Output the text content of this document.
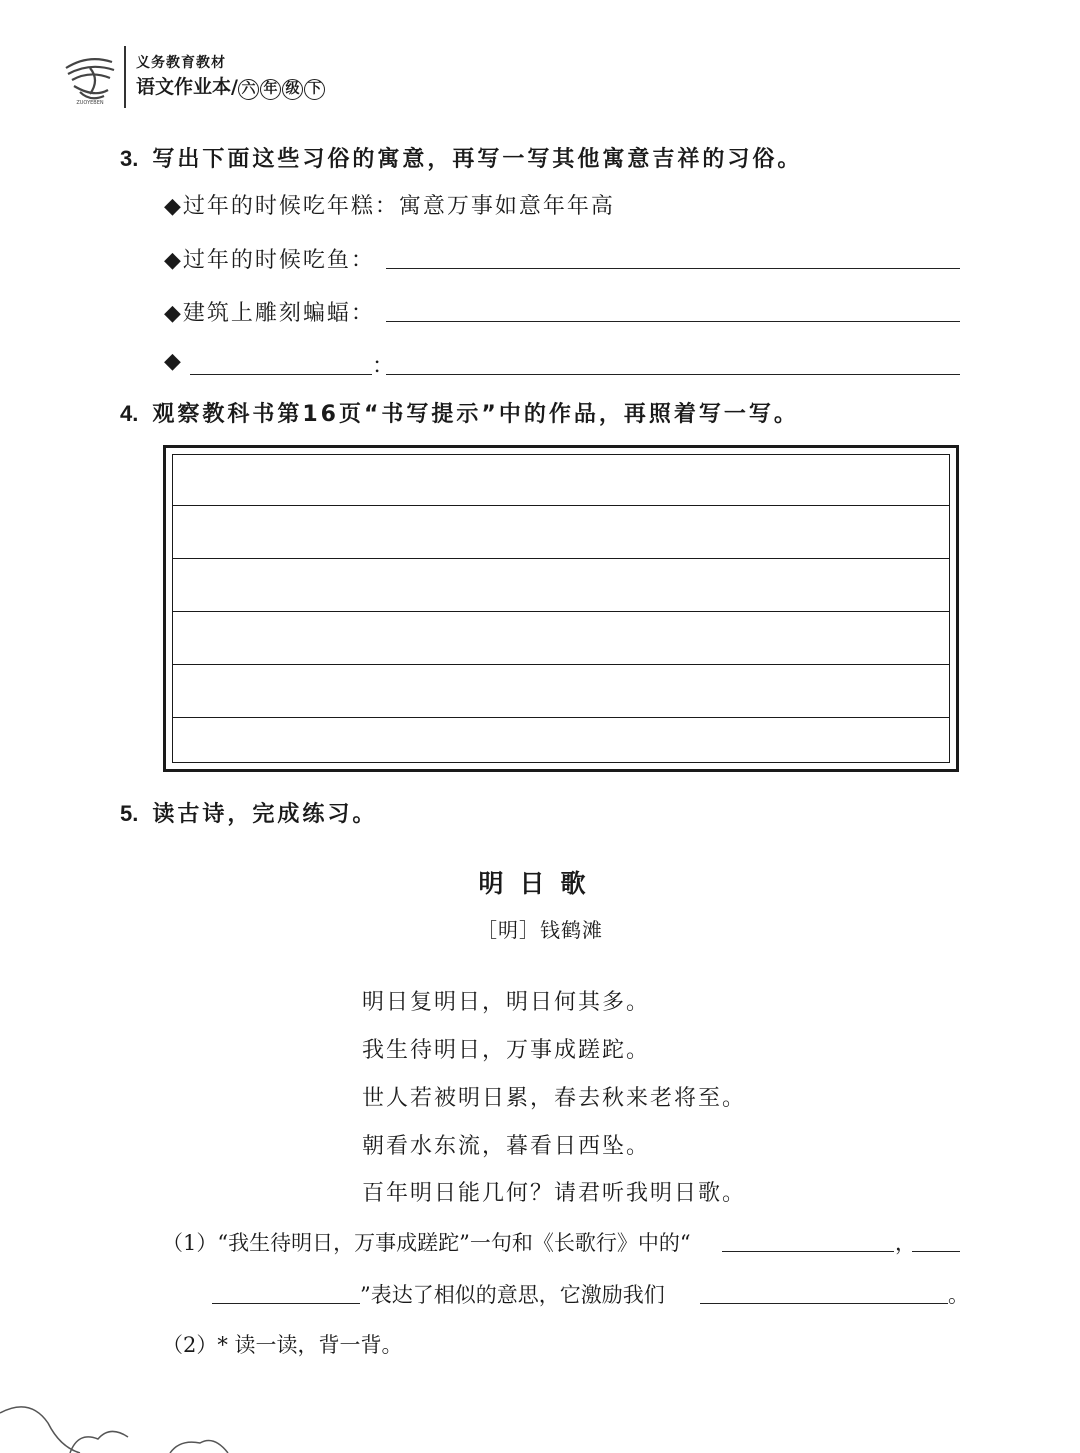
ZUOYEBEN
义务教育教材
语文作业本/ 六 年 级 下
3. 写出下面这些习俗的寓意，再写一写其他寓意吉祥的习俗。
◆过年的时候吃年糕：寓意万事如意年年高
◆过年的时候吃鱼：
◆建筑上雕刻蝙蝠：
◆	：
4. 观察教科书第16页“书写提示”中的作品，再照着写一写。
5. 读古诗，完成练习。
明日歌
［明］钱鹤滩
明日复明日，明日何其多。
我生待明日，万事成蹉跎。
世人若被明日累，春去秋来老将至。
朝看水东流，暮看日西坠。
百年明日能几何？请君听我明日歌。
（1）“我生待明日，万事成蹉跎”一句和《长歌行》中的“	，
”表达了相似的意思，它激励我们	。
（2）* 读一读，背一背。
